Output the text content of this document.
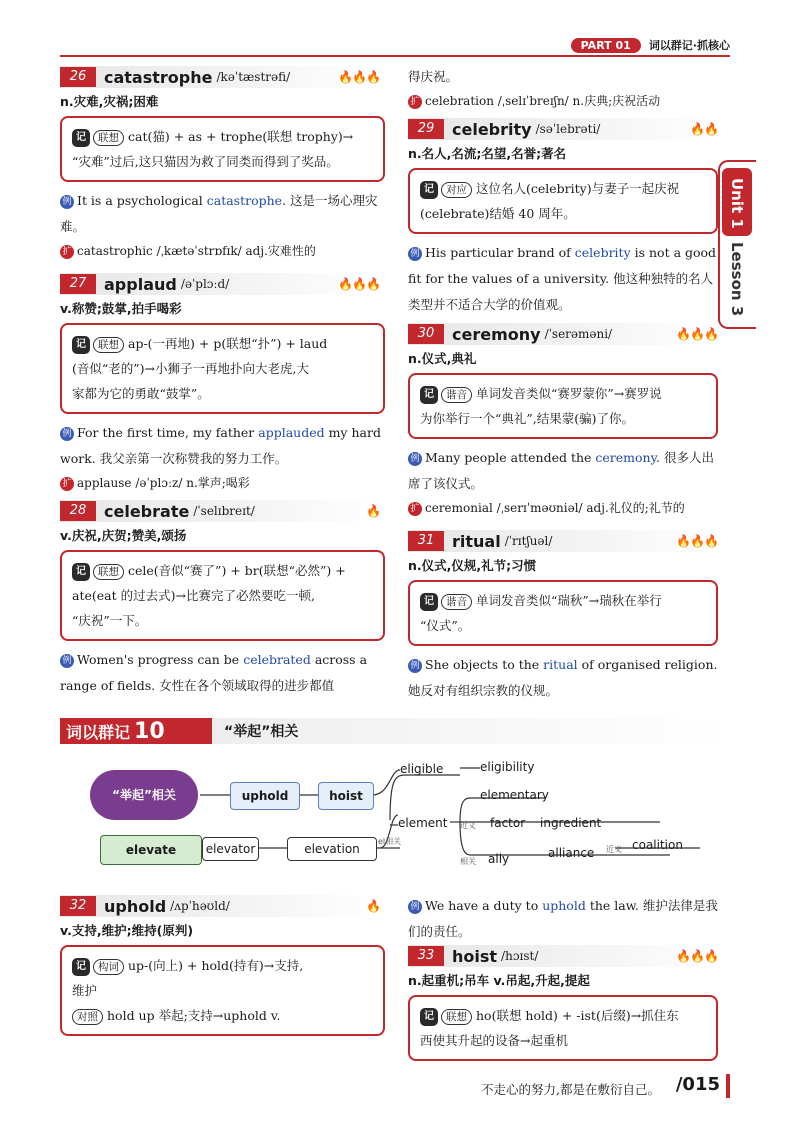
PART 01	词以群记·抓核心
Unit 1
Lesson 3
26	catastrophe /kəˈtæstrəfi/	🔥🔥🔥
n.灾难,灾祸;困难
记 联想 cat(猫) + as + trophe(联想 trophy)→
“灾难”过后,这只猫因为救了同类而得到了奖品。
例 It is a psychological catastrophe. 这是一场心理灾难。
扩 catastrophic /ˌkætəˈstrɒfɪk/ adj.灾难性的
27	applaud /əˈplɔːd/	🔥🔥🔥
v.称赞;鼓掌,拍手喝彩
记 联想 ap-(一再地) + p(联想“扑”) + laud
(音似“老的”)→小狮子一再地扑向大老虎,大
家都为它的勇敢“鼓掌”。
例 For the first time, my father applauded my hard work. 我父亲第一次称赞我的努力工作。
扩 applause /əˈplɔːz/ n.掌声;喝彩
28	celebrate /ˈselɪbreɪt/	🔥
v.庆祝,庆贺;赞美,颂扬
记 联想 cele(音似“赛了”) + br(联想“必然”) +
ate(eat 的过去式)→比赛完了必然要吃一顿,
“庆祝”一下。
例 Women's progress can be celebrated across a range of fields. 女性在各个领域取得的进步都值
得庆祝。
扩 celebration /ˌselɪˈbreɪʃn/ n.庆典;庆祝活动
29	celebrity /səˈlebrəti/	🔥🔥
n.名人,名流;名望,名誉;著名
记 对应 这位名人(celebrity)与妻子一起庆祝
(celebrate)结婚 40 周年。
例 His particular brand of celebrity is not a good fit for the values of a university. 他这种独特的名人类型并不适合大学的价值观。
30	ceremony /ˈserəməni/	🔥🔥🔥
n.仪式,典礼
记 谐音 单词发音类似“赛罗蒙你”→赛罗说
为你举行一个“典礼”,结果蒙(骗)了你。
例 Many people attended the ceremony. 很多人出席了该仪式。
扩 ceremonial /ˌserɪˈməʊniəl/ adj.礼仪的;礼节的
31	ritual /ˈrɪtʃuəl/	🔥🔥🔥
n.仪式,仪规,礼节;习惯
记 谐音 单词发音类似“瑞秋”→瑞秋在举行
“仪式”。
例 She objects to the ritual of organised religion. 她反对有组织宗教的仪规。
词以群记 10	“举起”相关
“举起”相关	uphold	hoist
elevate	elevator	elevation
el相关
eligible	eligibility
elementary
element 近义 factor ingredient
相关 ally	alliance 近义 coalition
32	uphold /ʌpˈhəʊld/	🔥
v.支持,维护;维持(原判)
记 构词 up-(向上) + hold(持有)→支持,
维护
对照 hold up 举起;支持→uphold v.
例 We have a duty to uphold the law. 维护法律是我们的责任。
33	hoist /hɔɪst/	🔥🔥🔥
n.起重机;吊车 v.吊起,升起,提起
记 联想 ho(联想 hold) + -ist(后缀)→抓住东
西使其升起的设备→起重机
不走心的努力,都是在敷衍自己。 /015
